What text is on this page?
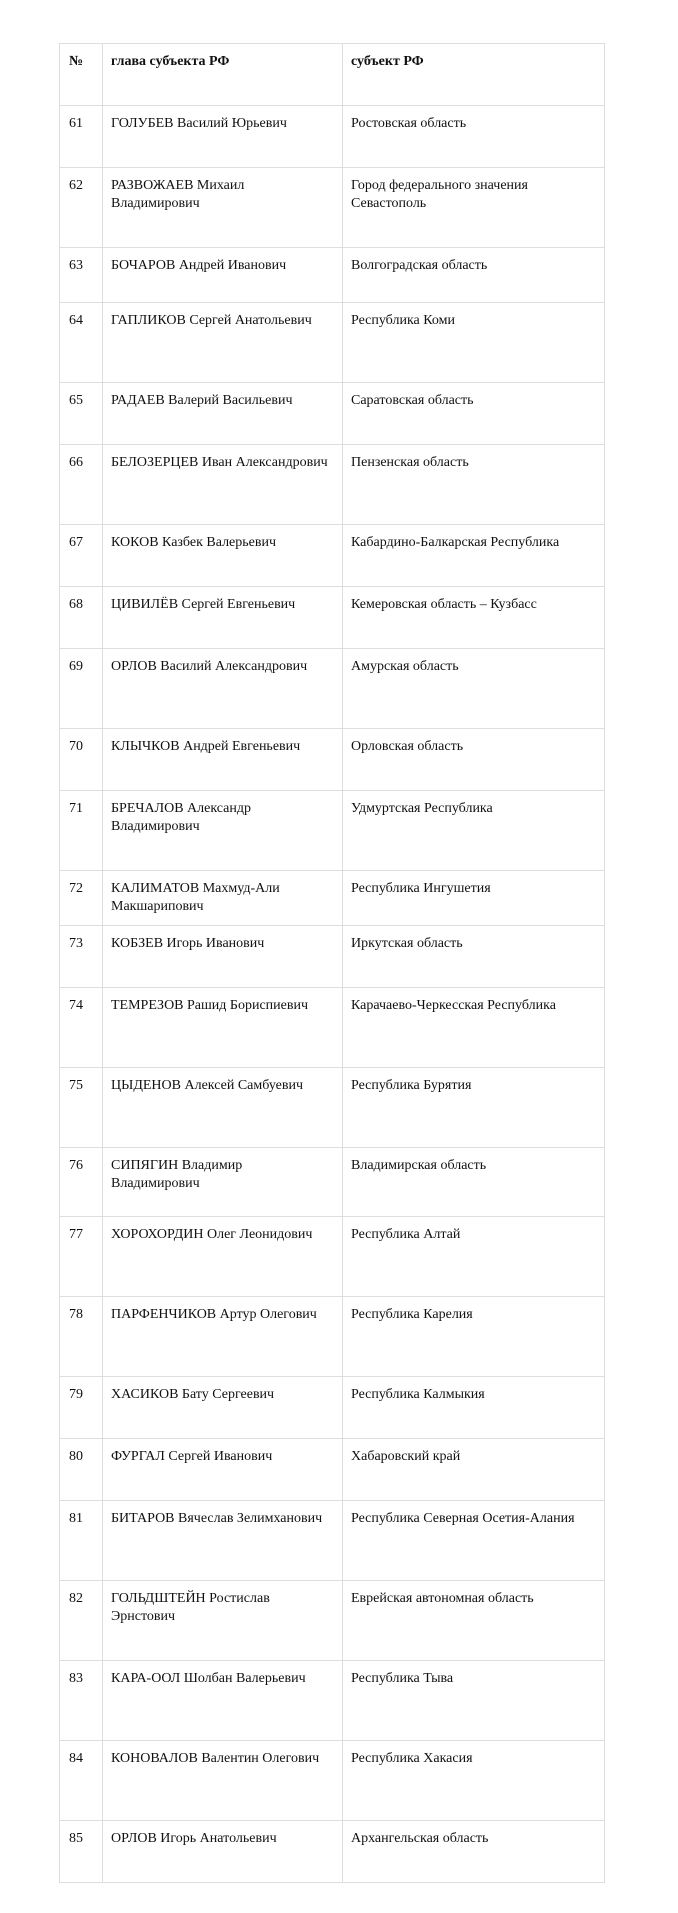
№	глава субъекта РФ	субъект РФ
61	ГОЛУБЕВ Василий Юрьевич	Ростовская область
62	РАЗВОЖАЕВ Михаил Владимирович	Город федерального значения Севастополь
63	БОЧАРОВ Андрей Иванович	Волгоградская область
64	ГАПЛИКОВ Сергей Анатольевич	Республика Коми
65	РАДАЕВ Валерий Васильевич	Саратовская область
66	БЕЛОЗЕРЦЕВ Иван Александрович	Пензенская область
67	КОКОВ Казбек Валерьевич	Кабардино-Балкарская Республика
68	ЦИВИЛЁВ Сергей Евгеньевич	Кемеровская область – Кузбасс
69	ОРЛОВ Василий Александрович	Амурская область
70	КЛЫЧКОВ Андрей Евгеньевич	Орловская область
71	БРЕЧАЛОВ Александр Владимирович	Удмуртская Республика
72	КАЛИМАТОВ Махмуд-Али Макшарипович	Республика Ингушетия
73	КОБЗЕВ Игорь Иванович	Иркутская область
74	ТЕМРЕЗОВ Рашид Бориспиевич	Карачаево-Черкесская Республика
75	ЦЫДЕНОВ Алексей Самбуевич	Республика Бурятия
76	СИПЯГИН Владимир Владимирович	Владимирская область
77	ХОРОХОРДИН Олег Леонидович	Республика Алтай
78	ПАРФЕНЧИКОВ Артур Олегович	Республика Карелия
79	ХАСИКОВ Бату Сергеевич	Республика Калмыкия
80	ФУРГАЛ Сергей Иванович	Хабаровский край
81	БИТАРОВ Вячеслав Зелимханович	Республика Северная Осетия-Алания
82	ГОЛЬДШТЕЙН Ростислав Эрнстович	Еврейская автономная область
83	КАРА-ООЛ Шолбан Валерьевич	Республика Тыва
84	КОНОВАЛОВ Валентин Олегович	Республика Хакасия
85	ОРЛОВ Игорь Анатольевич	Архангельская область
